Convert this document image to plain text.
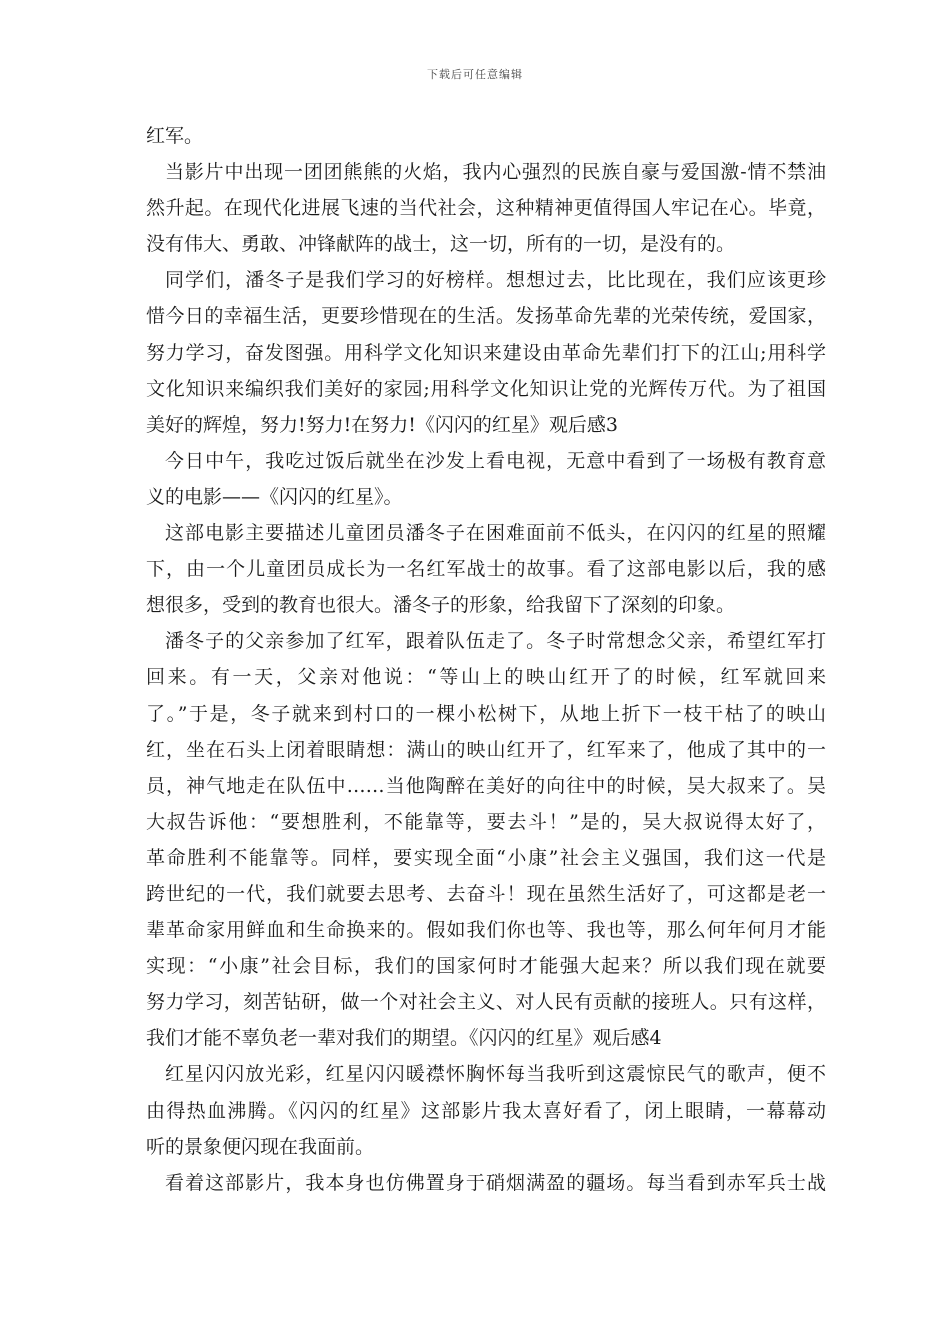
下载后可任意编辑
红军。
当影片中出现一团团熊熊的火焰，我内心强烈的民族自豪与爱国激-情不禁油
然升起。在现代化进展飞速的当代社会，这种精神更值得国人牢记在心。毕竟，
没有伟大、勇敢、冲锋献阵的战士，这一切，所有的一切，是没有的。
同学们，潘冬子是我们学习的好榜样。想想过去，比比现在，我们应该更珍
惜今日的幸福生活，更要珍惜现在的生活。发扬革命先辈的光荣传统，爱国家，
努力学习，奋发图强。用科学文化知识来建设由革命先辈们打下的江山;用科学
文化知识来编织我们美好的家园;用科学文化知识让党的光辉传万代。为了祖国
美好的辉煌，努力!努力!在努力!《闪闪的红星》观后感3
今日中午，我吃过饭后就坐在沙发上看电视，无意中看到了一场极有教育意
义的电影——《闪闪的红星》。
这部电影主要描述儿童团员潘冬子在困难面前不低头，在闪闪的红星的照耀
下，由一个儿童团员成长为一名红军战士的故事。看了这部电影以后，我的感
想很多，受到的教育也很大。潘冬子的形象，给我留下了深刻的印象。
潘冬子的父亲参加了红军，跟着队伍走了。冬子时常想念父亲，希望红军打
回来。有一天，父亲对他说：“等山上的映山红开了的时候，红军就回来
了。”于是，冬子就来到村口的一棵小松树下，从地上折下一枝干枯了的映山
红，坐在石头上闭着眼睛想：满山的映山红开了，红军来了，他成了其中的一
员，神气地走在队伍中……当他陶醉在美好的向往中的时候，吴大叔来了。吴
大叔告诉他：“要想胜利，不能靠等，要去斗！”是的，吴大叔说得太好了，
革命胜利不能靠等。同样，要实现全面“小康”社会主义强国，我们这一代是
跨世纪的一代，我们就要去思考、去奋斗！现在虽然生活好了，可这都是老一
辈革命家用鲜血和生命换来的。假如我们你也等、我也等，那么何年何月才能
实现：“小康”社会目标，我们的国家何时才能强大起来？所以我们现在就要
努力学习，刻苦钻研，做一个对社会主义、对人民有贡献的接班人。只有这样，
我们才能不辜负老一辈对我们的期望。《闪闪的红星》观后感4
红星闪闪放光彩，红星闪闪暖襟怀胸怀每当我听到这震惊民气的歌声，便不
由得热血沸腾。《闪闪的红星》这部影片我太喜好看了，闭上眼睛，一幕幕动
听的景象便闪现在我面前。
看着这部影片，我本身也仿佛置身于硝烟满盈的疆场。每当看到赤军兵士战
